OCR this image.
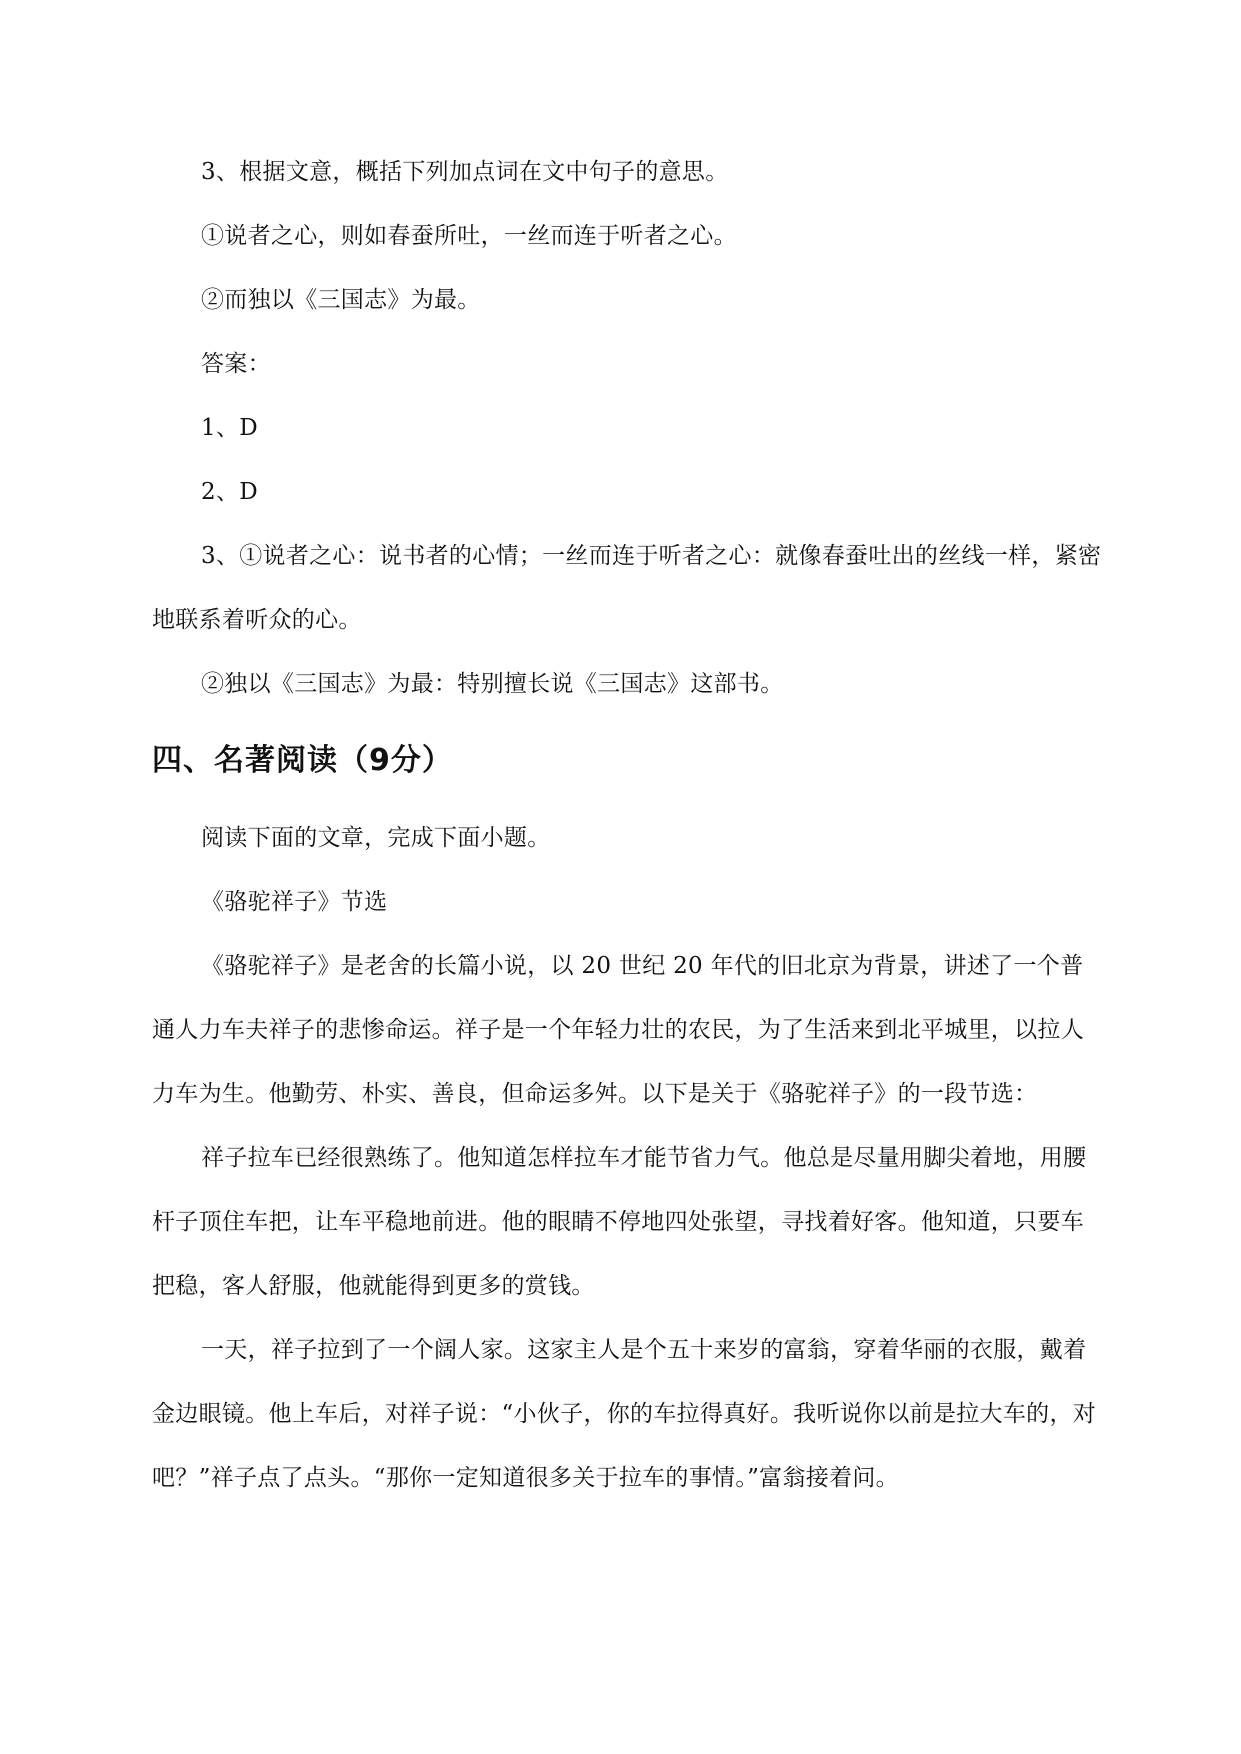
3、根据文意，概括下列加点词在文中句子的意思。

①说者之心，则如春蚕所吐，一丝而连于听者之心。

②而独以《三国志》为最。

答案：

1、D

2、D

3、①说者之心：说书者的心情；一丝而连于听者之心：就像春蚕吐出的丝线一样，紧密地联系着听众的心。

②独以《三国志》为最：特别擅长说《三国志》这部书。

四、名著阅读（9分）

阅读下面的文章，完成下面小题。

《骆驼祥子》节选

《骆驼祥子》是老舍的长篇小说，以 20 世纪 20 年代的旧北京为背景，讲述了一个普通人力车夫祥子的悲惨命运。祥子是一个年轻力壮的农民，为了生活来到北平城里，以拉人力车为生。他勤劳、朴实、善良，但命运多舛。以下是关于《骆驼祥子》的一段节选：

祥子拉车已经很熟练了。他知道怎样拉车才能节省力气。他总是尽量用脚尖着地，用腰杆子顶住车把，让车平稳地前进。他的眼睛不停地四处张望，寻找着好客。他知道，只要车把稳，客人舒服，他就能得到更多的赏钱。

一天，祥子拉到了一个阔人家。这家主人是个五十来岁的富翁，穿着华丽的衣服，戴着金边眼镜。他上车后，对祥子说：“小伙子，你的车拉得真好。我听说你以前是拉大车的，对吧？”祥子点了点头。“那你一定知道很多关于拉车的事情。”富翁接着问。
